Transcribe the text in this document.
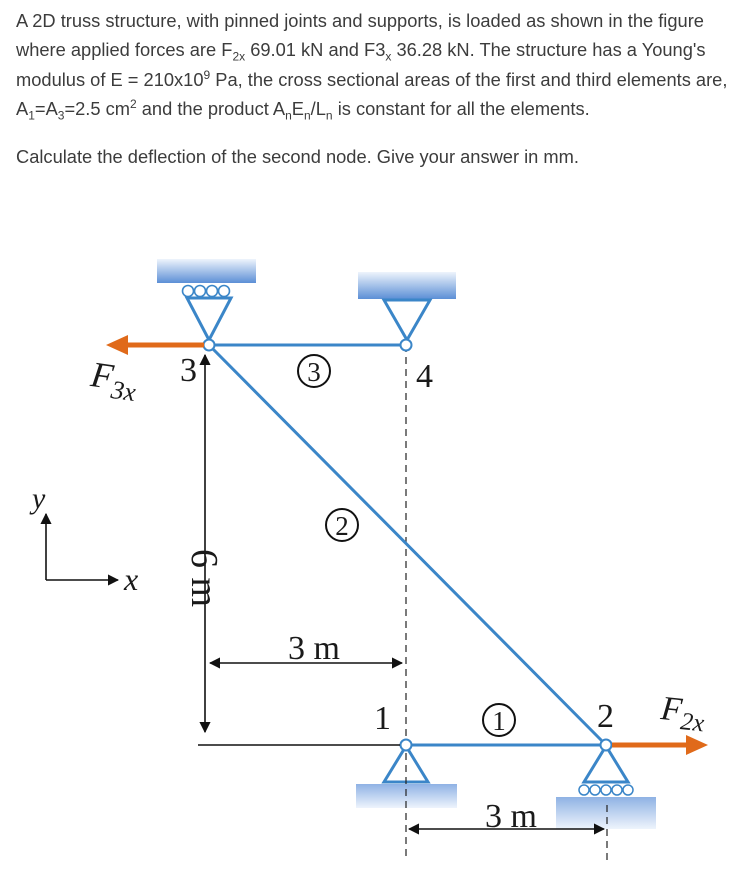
A 2D truss structure, with pinned joints and supports, is loaded as shown in the figure where applied forces are $F_{2x}$ 69.01 kN and $F3_x$ 36.28 kN. The structure has a Young's modulus of $E = 210x10^9$ Pa, the cross sectional areas of the first and third elements are, $A_1=A_3=2.5$ $cm^2$ and the product $A_nE_n/L_n$ is constant for all the elements.

Calculate the deflection of the second node. Give your answer in mm.

6 m
3 m
3 m
3	4
1	2
3
2
1
$F_{3x}$
$F_{2x}$
y
x
